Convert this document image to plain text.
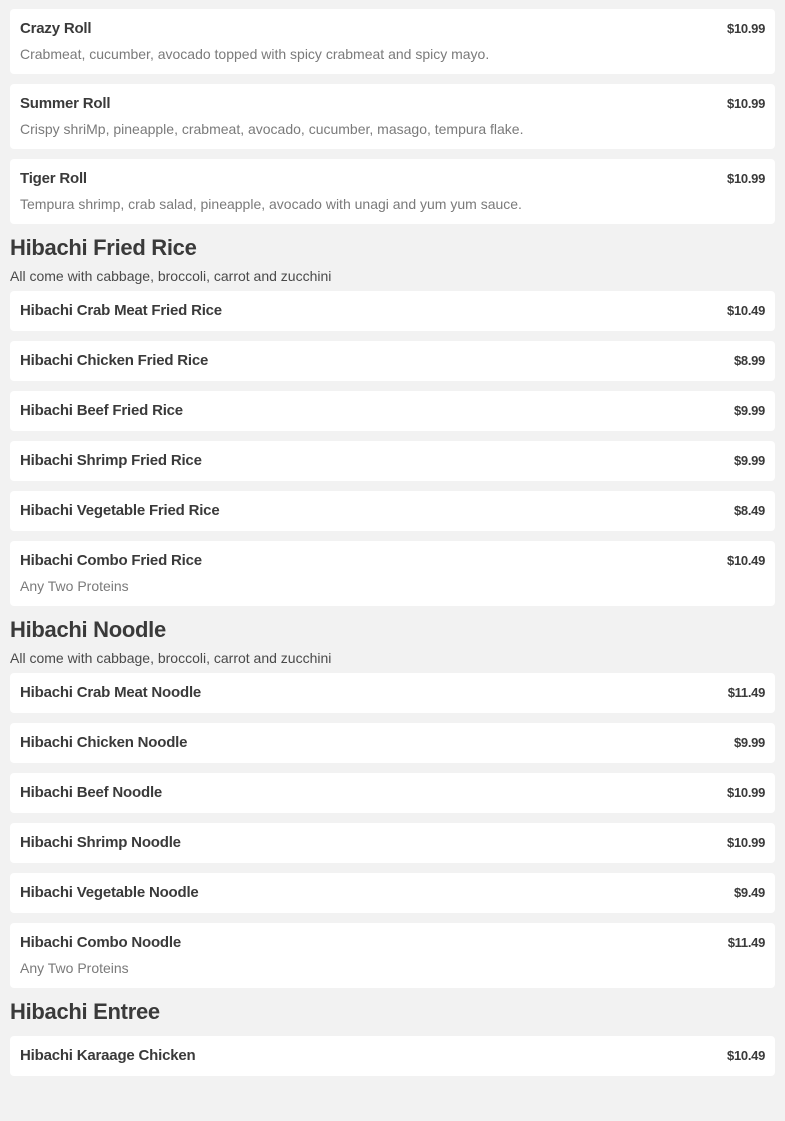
Crazy Roll	$10.99
Crabmeat, cucumber, avocado topped with spicy crabmeat and spicy mayo.
Summer Roll	$10.99
Crispy shriMp, pineapple, crabmeat, avocado, cucumber, masago, tempura flake.
Tiger Roll	$10.99
Tempura shrimp, crab salad, pineapple, avocado with unagi and yum yum sauce.
Hibachi Fried Rice
All come with cabbage, broccoli, carrot and zucchini
Hibachi Crab Meat Fried Rice	$10.49
Hibachi Chicken Fried Rice	$8.99
Hibachi Beef Fried Rice	$9.99
Hibachi Shrimp Fried Rice	$9.99
Hibachi Vegetable Fried Rice	$8.49
Hibachi Combo Fried Rice	$10.49
Any Two Proteins
Hibachi Noodle
All come with cabbage, broccoli, carrot and zucchini
Hibachi Crab Meat Noodle	$11.49
Hibachi Chicken Noodle	$9.99
Hibachi Beef Noodle	$10.99
Hibachi Shrimp Noodle	$10.99
Hibachi Vegetable Noodle	$9.49
Hibachi Combo Noodle	$11.49
Any Two Proteins
Hibachi Entree
Hibachi Karaage Chicken	$10.49
